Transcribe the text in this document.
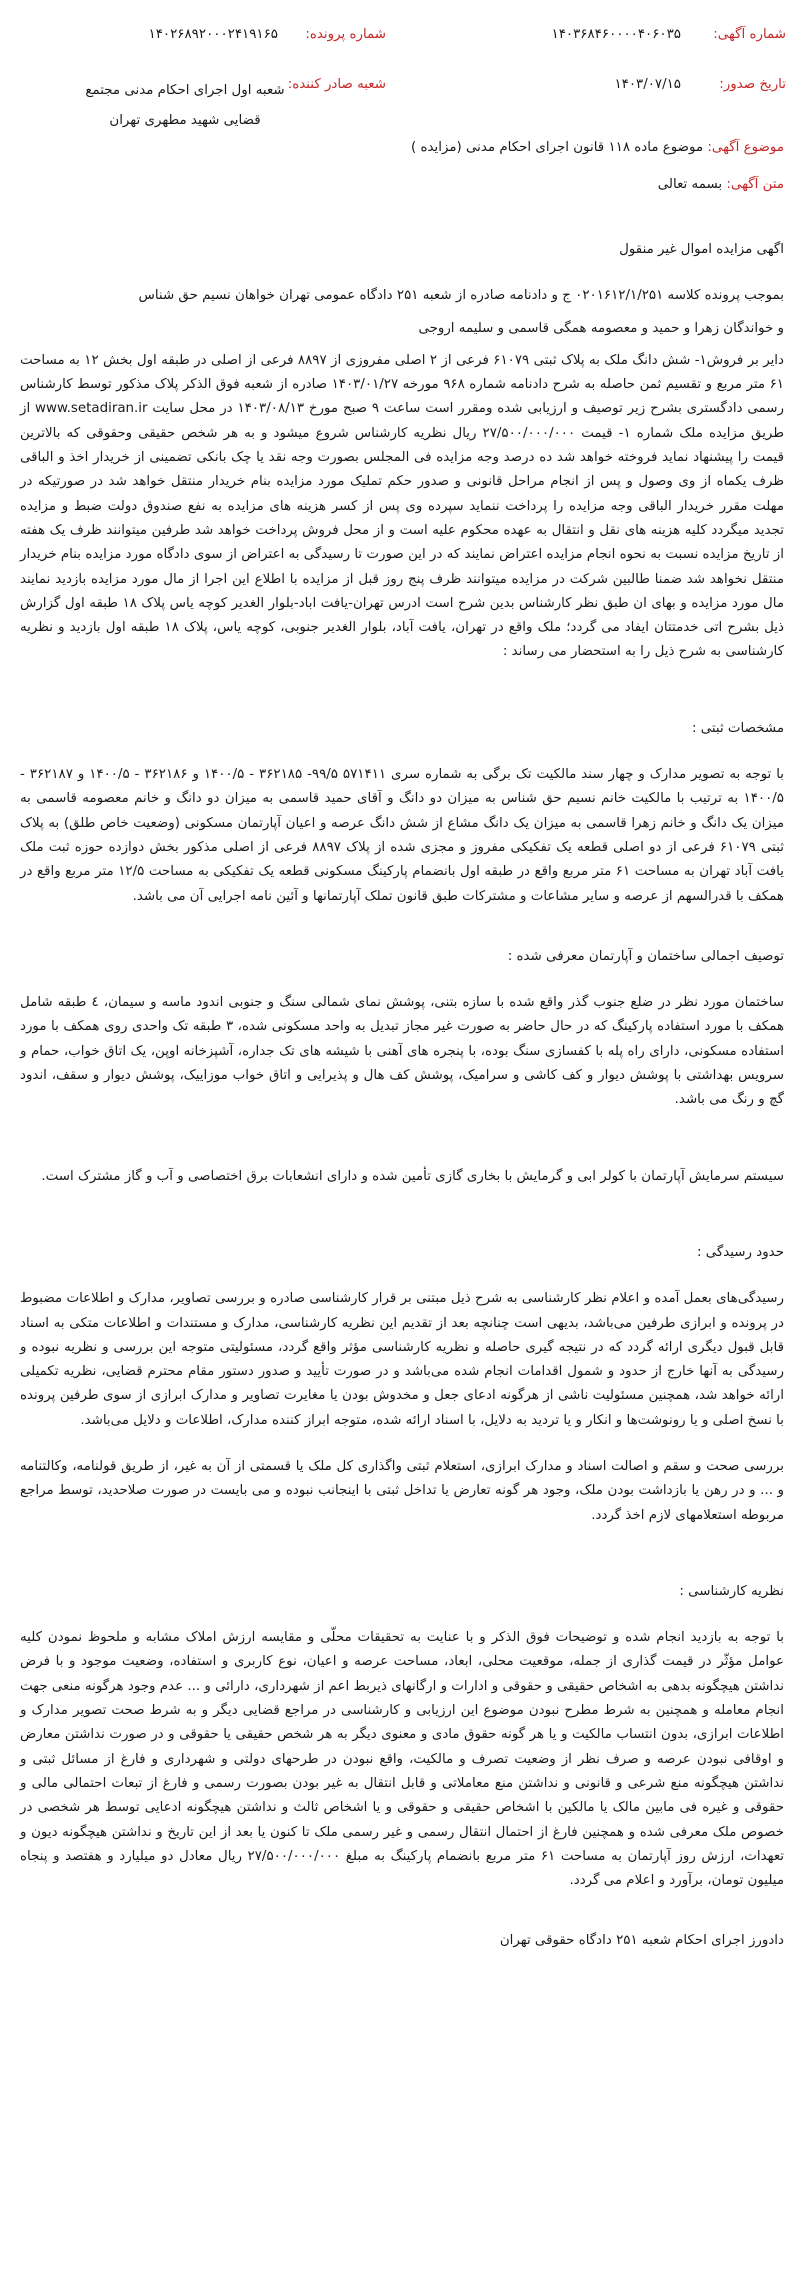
شماره آگهی:
۱۴۰۳۶۸۴۶۰۰۰۰۴۰۶۰۳۵
شماره پرونده:
۱۴۰۲۶۸۹۲۰۰۰۲۴۱۹۱۶۵
تاریخ صدور:
۱۴۰۳/۰۷/۱۵
شعبه صادر کننده:
شعبه اول اجرای احکام مدنی مجتمع قضایی شهید مطهری تهران
موضوع آگهی: موضوع ماده ۱۱۸ قانون اجرای احکام مدنی (مزایده )
متن آگهی: بسمه تعالی

اگهی مزایده اموال غیر منقول

بموجب پرونده کلاسه ۰۲۰۱۶۱۲/۱/۲۵۱ ج و دادنامه صادره از شعبه ۲۵۱ دادگاه عمومی تهران خواهان نسیم حق شناس

و خواندگان زهرا و حمید و معصومه همگی قاسمی و سلیمه اروجی

دایر بر فروش۱- شش دانگ ملک به پلاک ثبتی ۶۱۰۷۹ فرعی از ۲ اصلی مفروزی از ۸۸۹۷ فرعی از اصلی در طبقه اول بخش ۱۲ به مساحت ۶۱ متر مربع و تقسیم ثمن حاصله به شرح دادنامه شماره ۹۶۸ مورخه ۱۴۰۳/۰۱/۲۷ صادره از شعبه فوق الذکر پلاک مذکور توسط کارشناس رسمی دادگستری بشرح زیر توصیف و ارزیابی شده ومقرر است ساعت ۹ صبح مورخ ۱۴۰۳/۰۸/۱۳ در محل سایت www.setadiran.ir از طریق مزایده ملک شماره ۱- قیمت ۲۷/۵۰۰/۰۰۰/۰۰۰ ریال نظریه کارشناس شروع میشود و به هر شخص حقیقی وحقوقی که بالاترین قیمت را پیشنهاد نماید فروخته خواهد شد ده درصد وجه مزایده فی المجلس بصورت وجه نقد یا چک بانکی تضمینی از خریدار اخذ و الباقی ظرف یکماه از وی وصول و پس از انجام مراحل قانونی و صدور حکم تملیک مورد مزایده بنام خریدار منتقل خواهد شد در صورتیکه در مهلت مقرر خریدار الباقی وجه مزایده را پرداخت ننماید سپرده وی پس از کسر هزینه های مزایده به نفع صندوق دولت ضبط و مزایده تجدید میگردد کلیه هزینه های نقل و انتقال به عهده محکوم علیه است و از محل فروش پرداخت خواهد شد طرفین میتوانند ظرف یک هفته از تاریخ مزایده نسبت به نحوه انجام مزایده اعتراض نمایند که در این صورت تا رسیدگی به اعتراض از سوی دادگاه مورد مزایده بنام خریدار منتقل نخواهد شد ضمنا طالبین شرکت در مزایده میتوانند ظرف پنج روز قبل از مزایده با اطلاع این اجرا از مال مورد مزایده بازدید نمایند مال مورد مزایده و بهای ان طبق نظر کارشناس بدین شرح است ادرس تهران-یافت اباد-بلوار الغدیر کوچه یاس پلاک ۱۸ طبقه اول گزارش ذیل بشرح اتی خدمتتان ایفاد می گردد؛ ملک واقع در تهران، یافت آباد، بلوار الغدیر جنوبی، کوچه یاس، پلاک ۱۸ طبقه اول بازدید و نظریه کارشناسی به شرح ذیل را به استحضار می رساند :

مشخصات ثبتی :

با توجه به تصویر مدارک و چهار سند مالکیت تک برگی به شماره سری ۵۷۱۴۱۱ ۹۹/۵- ۳۶۲۱۸۵ - ۱۴۰۰/۵ و ۳۶۲۱۸۶ - ۱۴۰۰/۵ و ۳۶۲۱۸۷ - ۱۴۰۰/۵ به ترتیب با مالکیت خانم نسیم حق شناس به میزان دو دانگ و آقای حمید قاسمی به میزان دو دانگ و خانم معصومه قاسمی به میزان یک دانگ و خانم زهرا قاسمی به میزان یک دانگ مشاع از شش دانگ عرصه و اعیان آپارتمان مسکونی (وضعیت خاص طلق) به پلاک ثبتی ۶۱۰۷۹ فرعی از دو اصلی قطعه یک تفکیکی مفروز و مجزی شده از پلاک ۸۸۹۷ فرعی از اصلی مذکور بخش دوازده حوزه ثبت ملک یافت آباد تهران به مساحت ۶۱ متر مربع واقع در طبقه اول بانضمام پارکینگ مسکونی قطعه یک تفکیکی به مساحت ۱۲/۵ متر مربع واقع در همکف با قدرالسهم از عرصه و سایر مشاعات و مشترکات طبق قانون تملک آپارتمانها و آئین نامه اجرایی آن می باشد.

توصیف اجمالی ساختمان و آپارتمان معرفی شده :

ساختمان مورد نظر در ضلع جنوب گذر واقع شده با سازه بتنی، پوشش نمای شمالی سنگ و جنوبی اندود ماسه و سیمان، ٤ طبقه شامل همکف با مورد استفاده پارکینگ که در حال حاضر به صورت غیر مجاز تبدیل به واحد مسکونی شده، ۳ طبقه تک واحدی روی همکف با مورد استفاده مسکونی، دارای راه پله با کفسازی سنگ بوده، با پنجره های آهنی با شیشه های تک جداره، آشپزخانه اوپن، یک اتاق خواب، حمام و سرویس بهداشتی با پوشش دیوار و کف کاشی و سرامیک، پوشش کف هال و پذیرایی و اتاق خواب موزاییک، پوشش دیوار و سقف، اندود گچ و رنگ می باشد.

سیستم سرمایش آپارتمان با کولر ابی و گرمایش با بخاری گازی تأمین شده و دارای انشعابات برق اختصاصی و آب و گاز مشترک است.

حدود رسیدگی :

رسیدگی‌های بعمل آمده و اعلام نظر کارشناسی به شرح ذیل مبتنی بر قرار کارشناسی صادره و بررسی تصاویر، مدارک و اطلاعات مضبوط در پرونده و ابرازی طرفین می‌باشد، بدیهی است چنانچه بعد از تقدیم این نظریه کارشناسی، مدارک و مستندات و اطلاعات متکی به اسناد قابل قبول دیگری ارائه گردد که در نتیجه گیری حاصله و نظریه کارشناسی مؤثر واقع گردد، مسئولیتی متوجه این بررسی و نظریه نبوده و رسیدگی به آنها خارج از حدود و شمول اقدامات انجام شده می‌باشد و در صورت تأیید و صدور دستور مقام محترم قضایی، نظریه تکمیلی ارائه خواهد شد، همچنین مسئولیت ناشی از هرگونه ادعای جعل و مخدوش بودن یا مغایرت تصاویر و مدارک ابرازی از سوی طرفین پرونده با نسخ اصلی و یا رونوشت‌ها و انکار و یا تردید به دلایل، با اسناد ارائه شده، متوجه ابراز کننده مدارک، اطلاعات و دلایل می‌باشد.

بررسی صحت و سقم و اصالت اسناد و مدارک ابرازی، استعلام ثبتی واگذاری کل ملک یا قسمتی از آن به غیر، از طریق قولنامه، وکالتنامه و ... و در رهن یا بازداشت بودن ملک، وجود هر گونه تعارض یا تداخل ثبتی با اینجانب نبوده و می بایست در صورت صلاحدید، توسط مراجع مربوطه استعلامهای لازم اخذ گردد.

نظریه کارشناسی :

با توجه به بازدید انجام شده و توضیحات فوق الذکر و با عنایت به تحقیقات محلّی و مقایسه ارزش املاک مشابه و ملحوظ نمودن کلیه عوامل مؤثّر در قیمت گذاری از جمله، موقعیت محلی، ابعاد، مساحت عرصه و اعیان، نوع کاربری و استفاده، وضعیت موجود و با فرض نداشتن هیچگونه بدهی به اشخاص حقیقی و حقوقی و ادارات و ارگانهای ذیربط اعم از شهرداری، دارائی و ... عدم وجود هرگونه منعی جهت انجام معامله و همچنین به شرط مطرح نبودن موضوع این ارزیابی و کارشناسی در مراجع قضایی دیگر و به شرط صحت تصویر مدارک و اطلاعات ابرازی، بدون انتساب مالکیت و یا هر گونه حقوق مادی و معنوی دیگر به هر شخص حقیقی یا حقوقی و در صورت نداشتن معارض و اوقافی نبودن عرصه و صرف نظر از وضعیت تصرف و مالکیت، واقع نبودن در طرحهای دولتی و شهرداری و فارغ از مسائل ثبتی و نداشتن هیچگونه منع شرعی و قانونی و نداشتن منع معاملاتی و قابل انتقال به غیر بودن بصورت رسمی و فارغ از تبعات احتمالی مالی و حقوقی و غیره فی مابین مالک یا مالکین با اشخاص حقیقی و حقوقی و یا اشخاص ثالث و نداشتن هیچگونه ادعایی توسط هر شخصی در خصوص ملک معرفی شده و همچنین فارغ از احتمال انتقال رسمی و غیر رسمی ملک تا کنون یا بعد از این تاریخ و نداشتن هیچگونه دیون و تعهدات، ارزش روز آپارتمان به مساحت ۶۱ متر مربع بانضمام پارکینگ به مبلغ ۲۷/۵۰۰/۰۰۰/۰۰۰ ریال معادل دو میلیارد و هفتصد و پنجاه میلیون تومان، برآورد و اعلام می گردد.

دادورز اجرای احکام شعبه ۲۵۱ دادگاه حقوقی تهران
